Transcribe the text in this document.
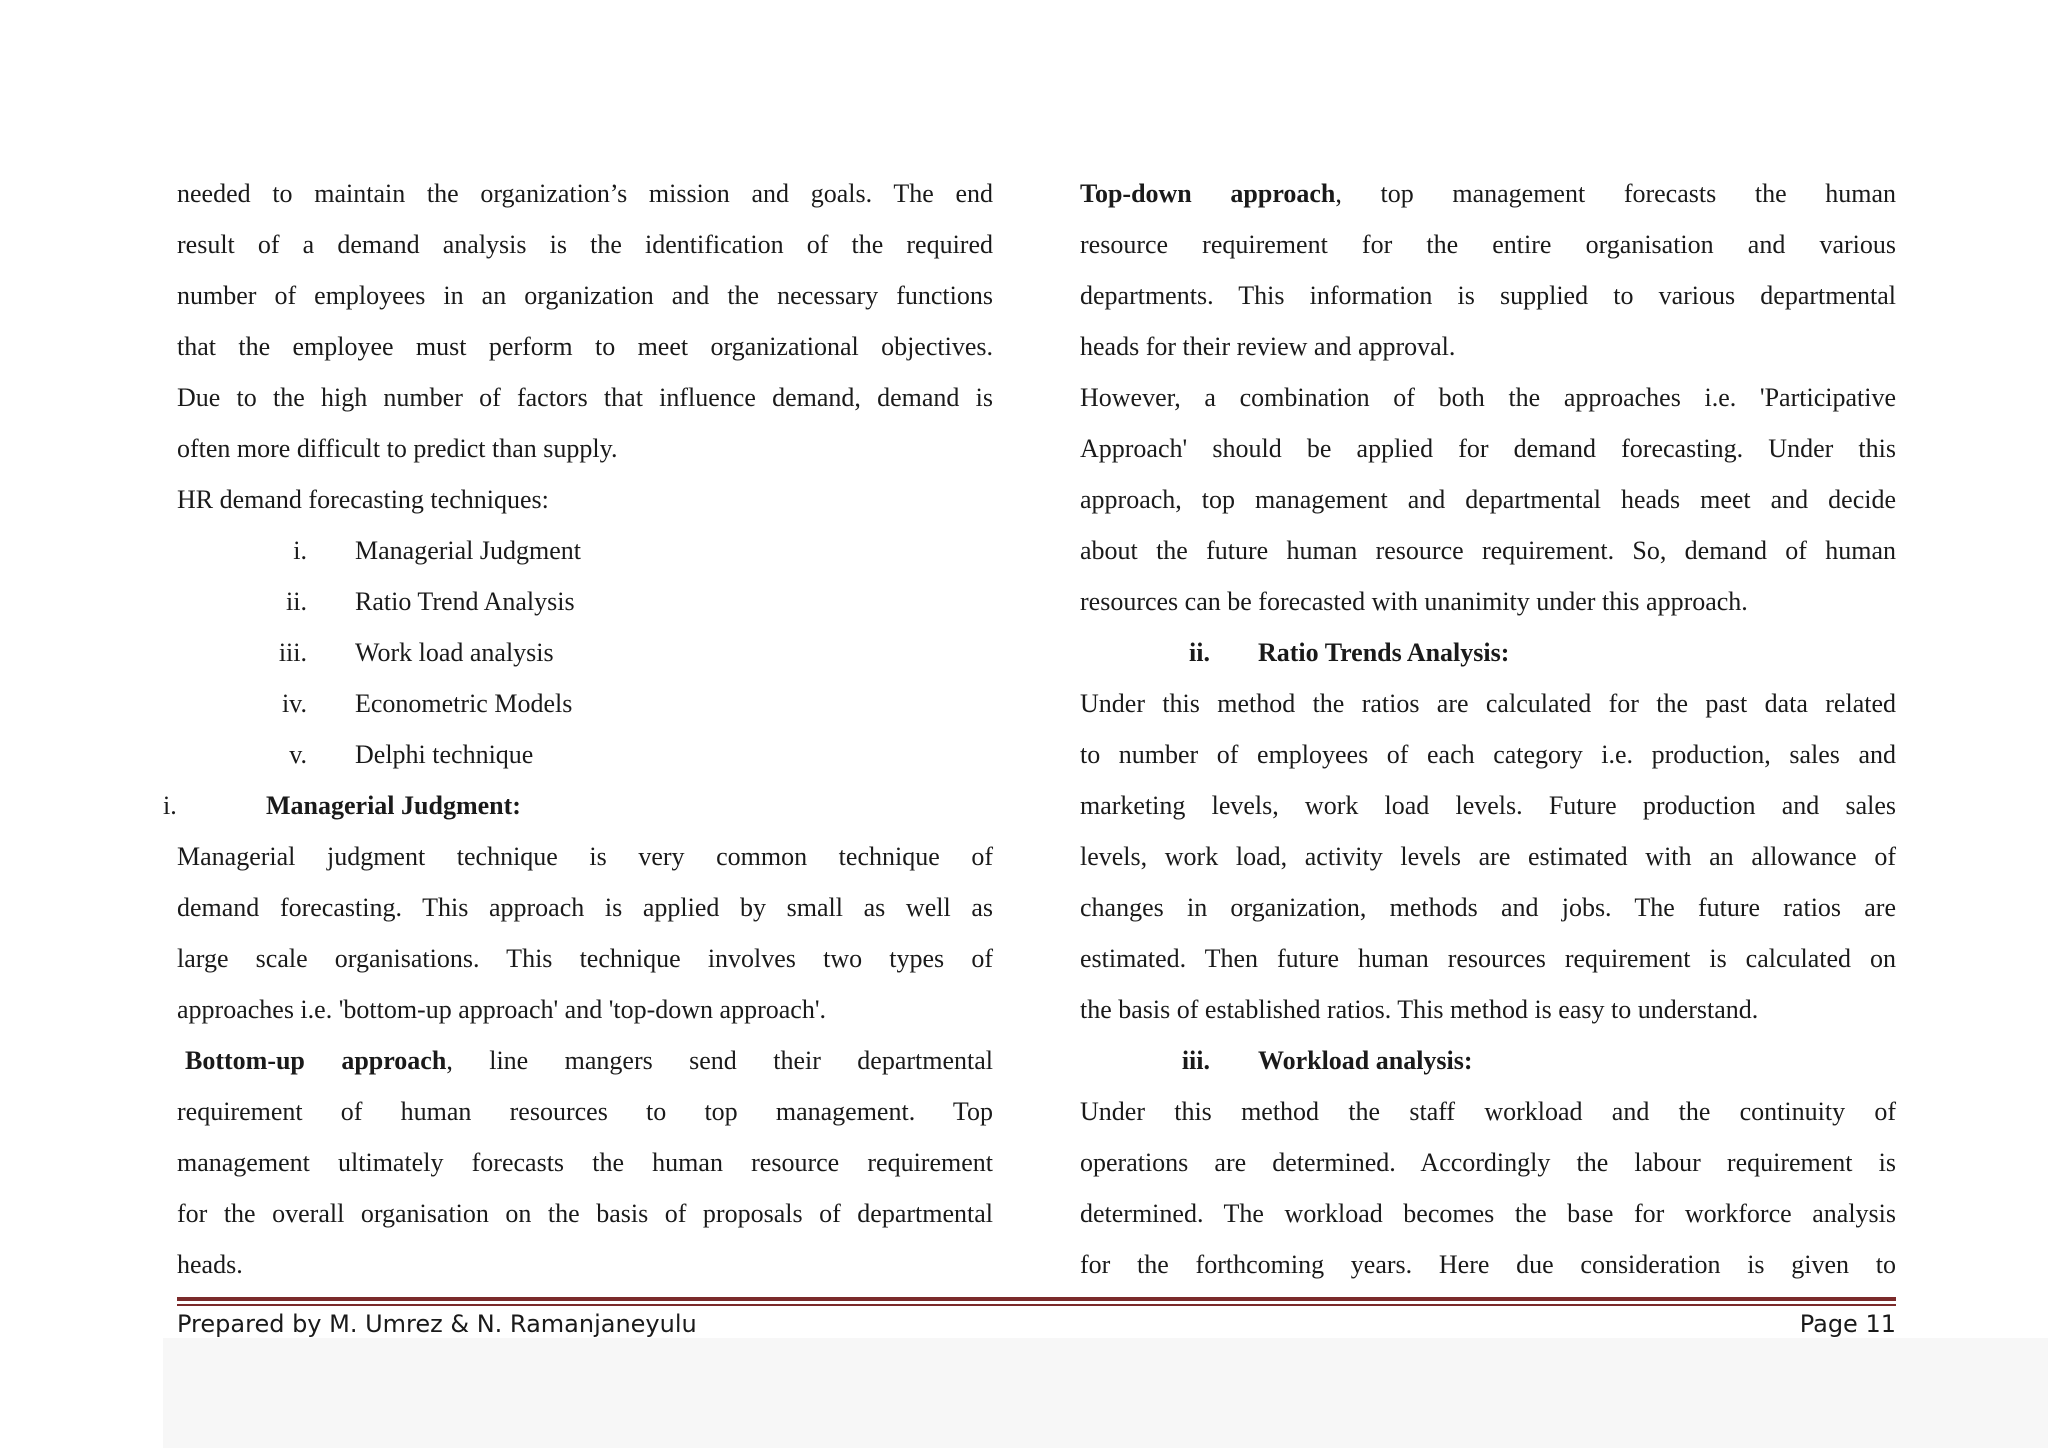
needed to maintain the organization’s mission and goals. The end
result of a demand analysis is the identification of the required
number of employees in an organization and the necessary functions
that the employee must perform to meet organizational objectives.
Due to the high number of factors that influence demand, demand is
often more difficult to predict than supply.
HR demand forecasting techniques:
i. Managerial Judgment
ii. Ratio Trend Analysis
iii. Work load analysis
iv. Econometric Models
v. Delphi technique
i.	Managerial Judgment:
Managerial judgment technique is very common technique of
demand forecasting. This approach is applied by small as well as
large scale organisations. This technique involves two types of
approaches i.e. 'bottom-up approach' and 'top-down approach'.
Bottom-up approach, line mangers send their departmental
requirement of human resources to top management. Top
management ultimately forecasts the human resource requirement
for the overall organisation on the basis of proposals of departmental
heads.
Top-down approach, top management forecasts the human
resource requirement for the entire organisation and various
departments. This information is supplied to various departmental
heads for their review and approval.
However, a combination of both the approaches i.e. 'Participative
Approach' should be applied for demand forecasting. Under this
approach, top management and departmental heads meet and decide
about the future human resource requirement. So, demand of human
resources can be forecasted with unanimity under this approach.
ii. Ratio Trends Analysis:
Under this method the ratios are calculated for the past data related
to number of employees of each category i.e. production, sales and
marketing levels, work load levels. Future production and sales
levels, work load, activity levels are estimated with an allowance of
changes in organization, methods and jobs. The future ratios are
estimated. Then future human resources requirement is calculated on
the basis of established ratios. This method is easy to understand.
iii. Workload analysis:
Under this method the staff workload and the continuity of
operations are determined. Accordingly the labour requirement is
determined. The workload becomes the base for workforce analysis
for the forthcoming years. Here due consideration is given to
Prepared by M. Umrez & N. Ramanjaneyulu	Page 11
